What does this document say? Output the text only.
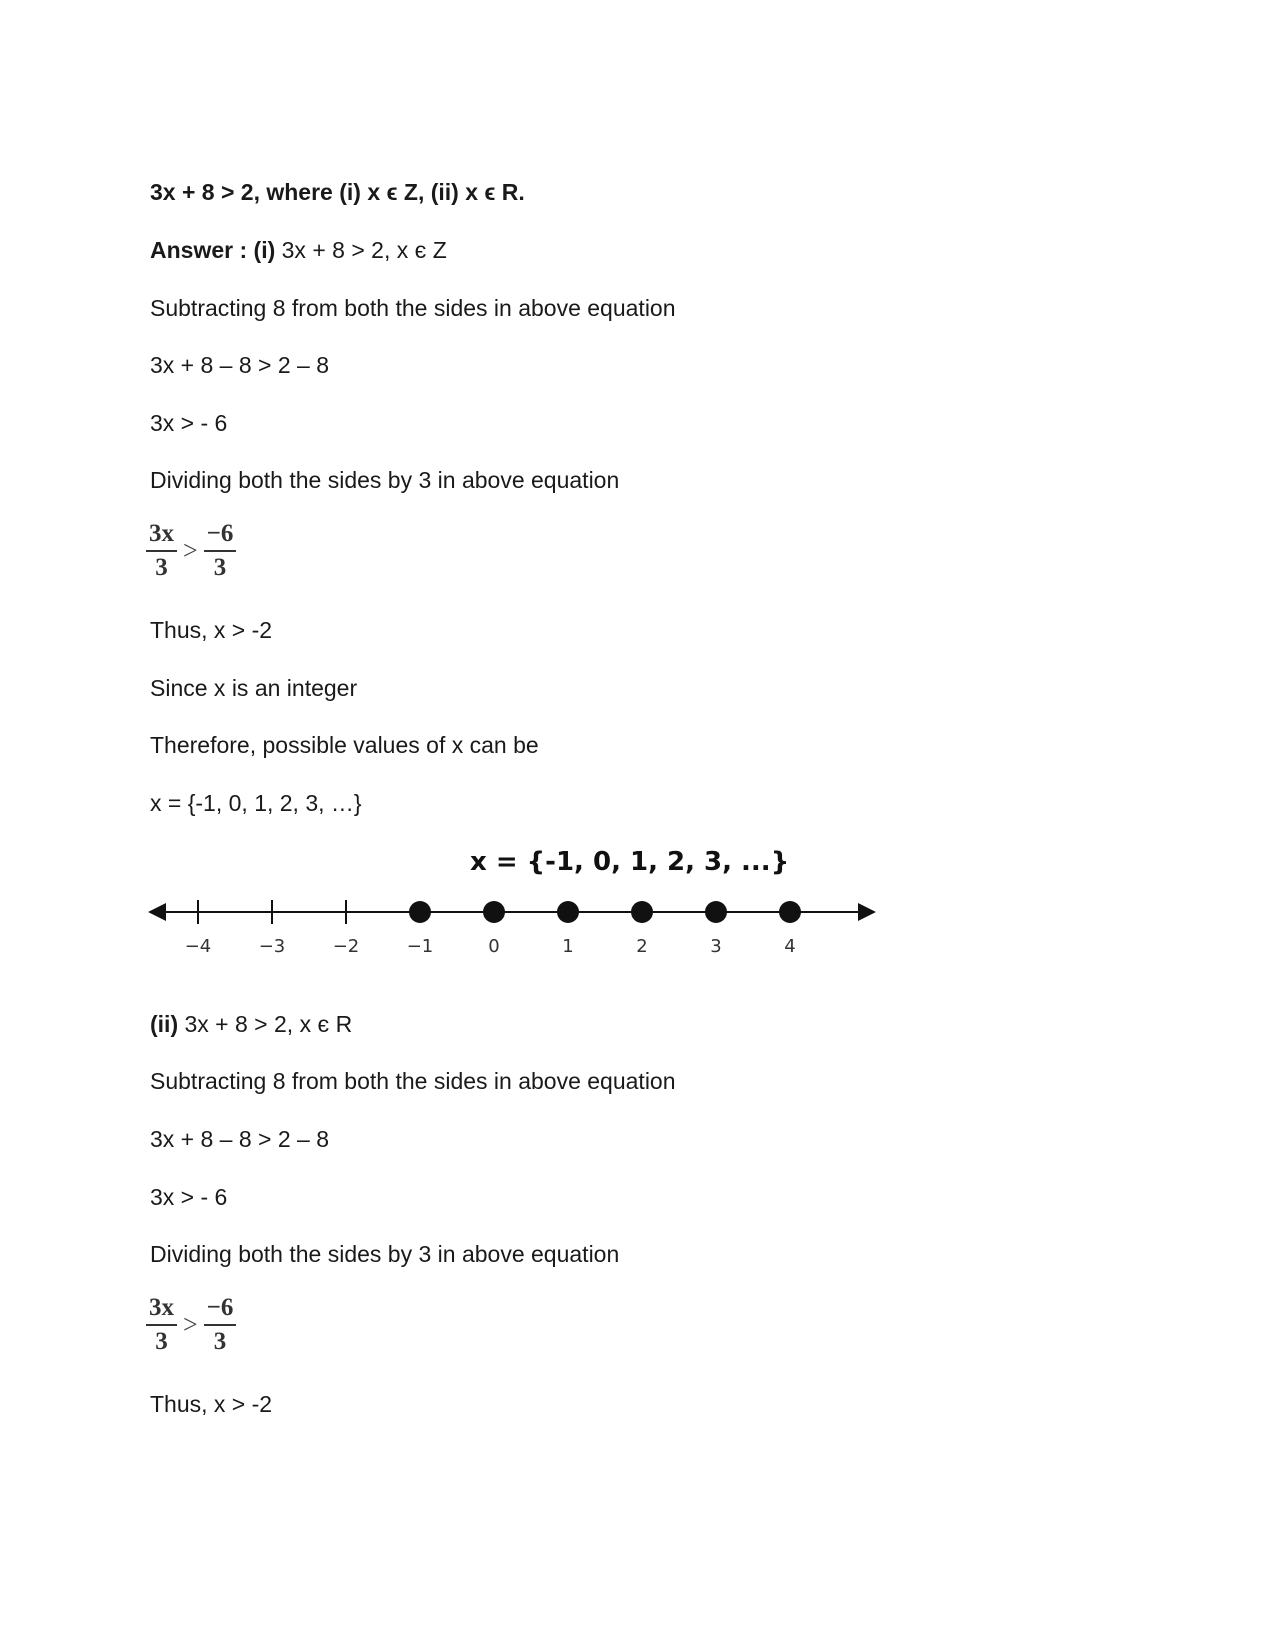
3x + 8 > 2, where (i) x ϵ Z, (ii) x ϵ R.
Answer : (i) 3x + 8 > 2, x є Z
Subtracting 8 from both the sides in above equation
3x + 8 – 8 > 2 – 8
3x > - 6
Dividing both the sides by 3 in above equation
$\frac{3x}{3} > \frac{-6}{3}$
Thus, x > -2
Since x is an integer
Therefore, possible values of x can be
x = {-1, 0, 1, 2, 3, …}
x = {-1, 0, 1, 2, 3, ...}
−4	−3	−2	−1	0	1	2	3	4
(ii) 3x + 8 > 2, x є R
Subtracting 8 from both the sides in above equation
3x + 8 – 8 > 2 – 8
3x > - 6
Dividing both the sides by 3 in above equation
$\frac{3x}{3} > \frac{-6}{3}$
Thus, x > -2
